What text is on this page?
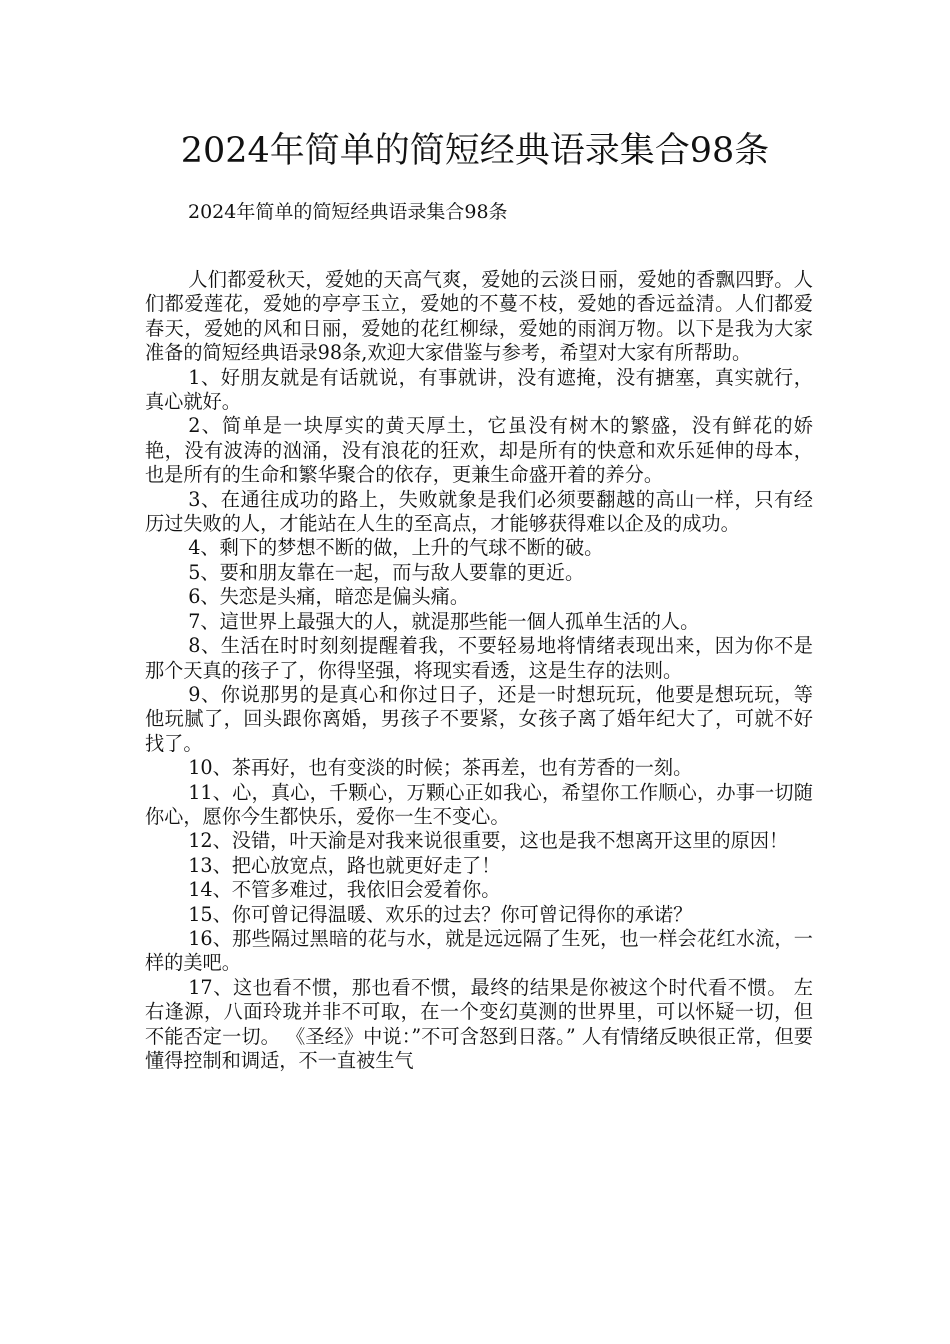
2024年简单的简短经典语录集合98条

2024年简单的简短经典语录集合98条

人们都爱秋天，爱她的天高气爽，爱她的云淡日丽，爱她的香飘四野。人们都爱莲花，爱她的亭亭玉立，爱她的不蔓不枝，爱她的香远益清。人们都爱春天，爱她的风和日丽，爱她的花红柳绿，爱她的雨润万物。以下是我为大家准备的简短经典语录98条,欢迎大家借鉴与参考，希望对大家有所帮助。

1、好朋友就是有话就说，有事就讲，没有遮掩，没有搪塞，真实就行，真心就好。

2、简单是一块厚实的黄天厚土，它虽没有树木的繁盛，没有鲜花的娇艳，没有波涛的汹涌，没有浪花的狂欢，却是所有的快意和欢乐延伸的母本，也是所有的生命和繁华聚合的依存，更兼生命盛开着的养分。

3、在通往成功的路上，失败就象是我们必须要翻越的高山一样，只有经历过失败的人，才能站在人生的至高点，才能够获得难以企及的成功。

4、剩下的梦想不断的做，上升的气球不断的破。

5、要和朋友靠在一起，而与敌人要靠的更近。

6、失恋是头痛，暗恋是偏头痛。

7、這世界上最强大的人，就湜那些能一個人孤单生活的人。

8、生活在时时刻刻提醒着我，不要轻易地将情绪表现出来，因为你不是那个天真的孩子了，你得坚强，将现实看透，这是生存的法则。

9、你说那男的是真心和你过日子，还是一时想玩玩，他要是想玩玩，等他玩腻了，回头跟你离婚，男孩子不要紧，女孩子离了婚年纪大了，可就不好找了。

10、茶再好，也有变淡的时候；茶再差，也有芳香的一刻。

11、心，真心，千颗心，万颗心正如我心，希望你工作顺心，办事一切随你心，愿你今生都快乐，爱你一生不变心。

12、没错，叶天渝是对我来说很重要，这也是我不想离开这里的原因！

13、把心放宽点，路也就更好走了！

14、不管多难过，我依旧会爱着你。

15、你可曾记得温暖、欢乐的过去？你可曾记得你的承诺？

16、那些隔过黑暗的花与水，就是远远隔了生死，也一样会花红水流，一样的美吧。

17、这也看不惯，那也看不惯，最终的结果是你被这个时代看不惯。 左右逢源，八面玲珑并非不可取，在一个变幻莫测的世界里，可以怀疑一切，但不能否定一切。 《圣经》中说：”不可含怒到日落。” 人有情绪反映很正常，但要懂得控制和调适，不一直被生气
